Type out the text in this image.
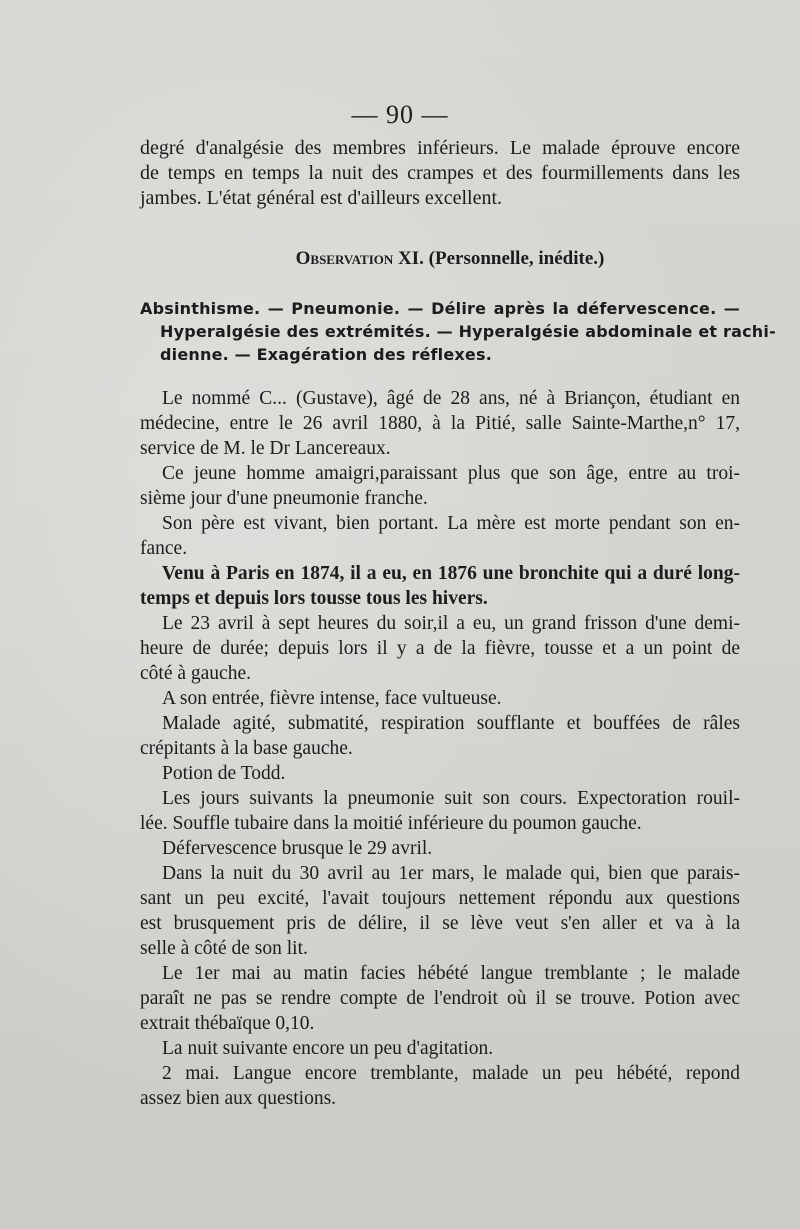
— 90 —
degré d'analgésie des membres inférieurs. Le malade éprouve encore
de temps en temps la nuit des crampes et des fourmillements dans les
jambes. L'état général est d'ailleurs excellent.
Observation XI. (Personnelle, inédite.)
Absinthisme. — Pneumonie. — Délire après la défervescence. —
Hyperalgésie des extrémités. — Hyperalgésie abdominale et rachi-
dienne. — Exagération des réflexes.
Le nommé C... (Gustave), âgé de 28 ans, né à Briançon, étudiant en
médecine, entre le 26 avril 1880, à la Pitié, salle Sainte-Marthe,n° 17,
service de M. le Dr Lancereaux.
Ce jeune homme amaigri,paraissant plus que son âge, entre au troi-
sième jour d'une pneumonie franche.
Son père est vivant, bien portant. La mère est morte pendant son en-
fance.
Venu à Paris en 1874, il a eu, en 1876 une bronchite qui a duré long-
temps et depuis lors tousse tous les hivers.
Le 23 avril à sept heures du soir,il a eu, un grand frisson d'une demi-
heure de durée; depuis lors il y a de la fièvre, tousse et a un point de
côté à gauche.
A son entrée, fièvre intense, face vultueuse.
Malade agité, submatité, respiration soufflante et bouffées de râles
crépitants à la base gauche.
Potion de Todd.
Les jours suivants la pneumonie suit son cours. Expectoration rouil-
lée. Souffle tubaire dans la moitié inférieure du poumon gauche.
Défervescence brusque le 29 avril.
Dans la nuit du 30 avril au 1er mars, le malade qui, bien que parais-
sant un peu excité, l'avait toujours nettement répondu aux questions
est brusquement pris de délire, il se lève veut s'en aller et va à la
selle à côté de son lit.
Le 1er mai au matin facies hébété langue tremblante ; le malade
paraît ne pas se rendre compte de l'endroit où il se trouve. Potion avec
extrait thébaïque 0,10.
La nuit suivante encore un peu d'agitation.
2 mai. Langue encore tremblante, malade un peu hébété, repond
assez bien aux questions.
